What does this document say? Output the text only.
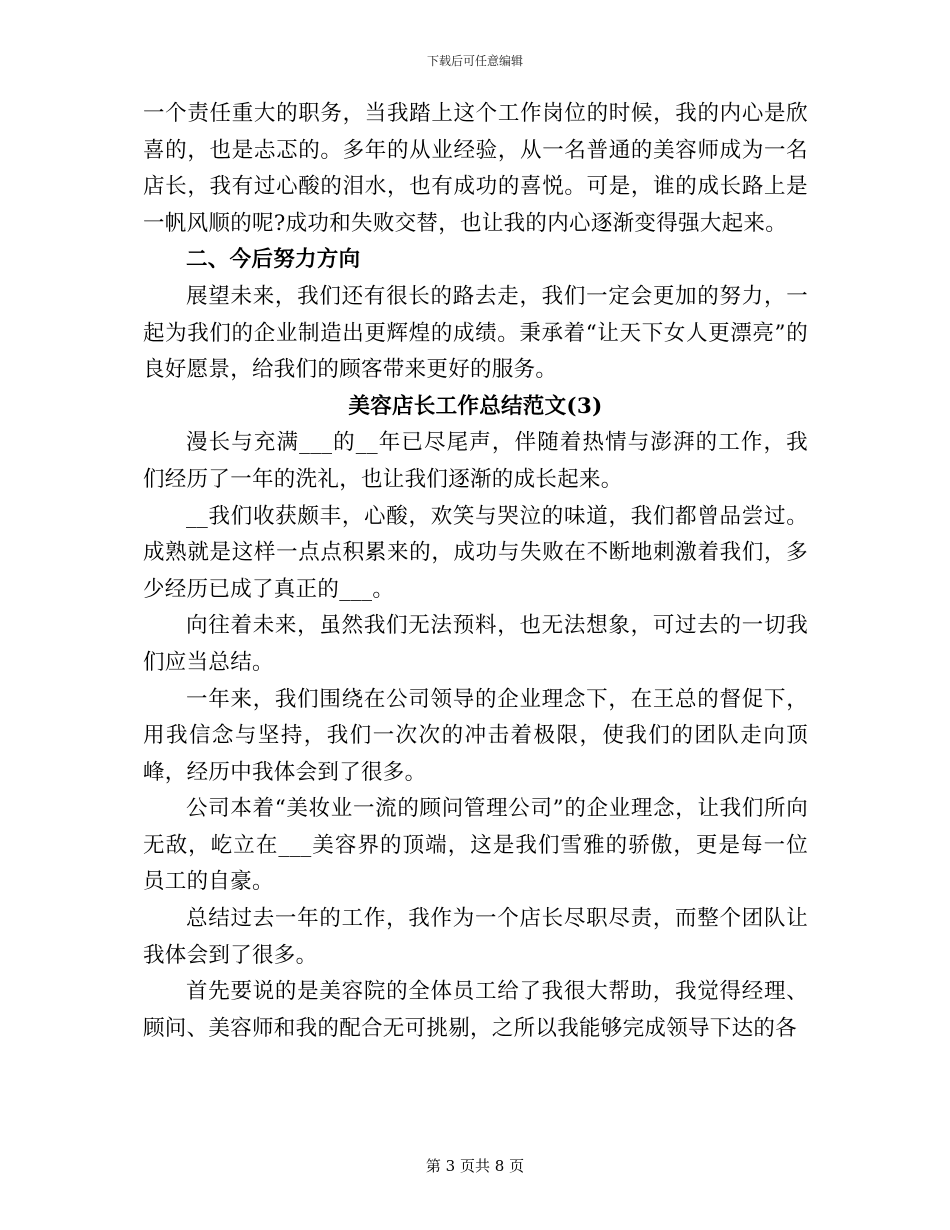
下载后可任意编辑

一个责任重大的职务，当我踏上这个工作岗位的时候，我的内心是欣喜的，也是忐忑的。多年的从业经验，从一名普通的美容师成为一名店长，我有过心酸的泪水，也有成功的喜悦。可是，谁的成长路上是一帆风顺的呢?成功和失败交替，也让我的内心逐渐变得强大起来。

二、今后努力方向

展望未来，我们还有很长的路去走，我们一定会更加的努力，一起为我们的企业制造出更辉煌的成绩。秉承着“让天下女人更漂亮”的良好愿景，给我们的顾客带来更好的服务。

美容店长工作总结范文(3)

漫长与充满___的__年已尽尾声，伴随着热情与澎湃的工作，我们经历了一年的洗礼，也让我们逐渐的成长起来。

__我们收获颇丰，心酸，欢笑与哭泣的味道，我们都曾品尝过。成熟就是这样一点点积累来的，成功与失败在不断地刺激着我们，多少经历已成了真正的___。

向往着未来，虽然我们无法预料，也无法想象，可过去的一切我们应当总结。

一年来，我们围绕在公司领导的企业理念下，在王总的督促下，用我信念与坚持，我们一次次的冲击着极限，使我们的团队走向顶峰，经历中我体会到了很多。

公司本着“美妆业一流的顾问管理公司”的企业理念，让我们所向无敌，屹立在___美容界的顶端，这是我们雪雅的骄傲，更是每一位员工的自豪。

总结过去一年的工作，我作为一个店长尽职尽责，而整个团队让我体会到了很多。

首先要说的是美容院的全体员工给了我很大帮助，我觉得经理、顾问、美容师和我的配合无可挑剔，之所以我能够完成领导下达的各

第 3 页共 8 页
